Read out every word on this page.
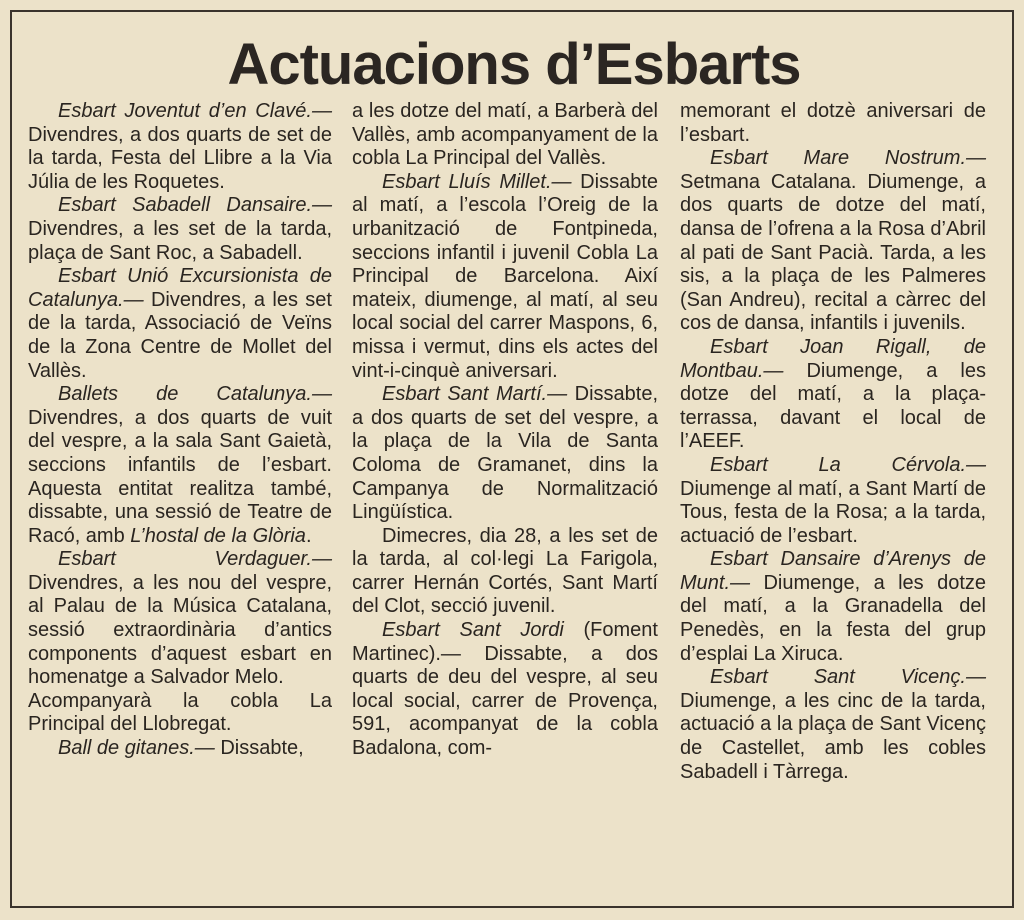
Actuacions d’Esbarts

Esbart Joventut d’en Clavé.— Divendres, a dos quarts de set de la tarda, Festa del Llibre a la Via Júlia de les Roquetes.

Esbart Sabadell Dansaire.— Divendres, a les set de la tarda, plaça de Sant Roc, a Sabadell.

Esbart Unió Excursionista de Catalunya.— Divendres, a les set de la tarda, Associació de Veïns de la Zona Centre de Mollet del Vallès.

Ballets de Catalunya.— Divendres, a dos quarts de vuit del vespre, a la sala Sant Gaietà, seccions infantils de l’esbart. Aquesta entitat realitza també, dissabte, una sessió de Teatre de Racó, amb L’hostal de la Glòria.

Esbart Verdaguer.— Divendres, a les nou del vespre, al Palau de la Música Catalana, sessió extraordinària d’antics components d’aquest esbart en homenatge a Salvador Melo.

Acompanyarà la cobla La Principal del Llobregat.

Ball de gitanes.— Dissabte,

a les dotze del matí, a Barberà del Vallès, amb acompanyament de la cobla La Principal del Vallès.

Esbart Lluís Millet.— Dissabte al matí, a l’escola l’Oreig de la urbanització de Fontpineda, seccions infantil i juvenil Cobla La Principal de Barcelona. Així mateix, diumenge, al matí, al seu local social del carrer Maspons, 6, missa i vermut, dins els actes del vint-i-cinquè aniversari.

Esbart Sant Martí.— Dissabte, a dos quarts de set del vespre, a la plaça de la Vila de Santa Coloma de Gramanet, dins la Campanya de Normalització Lingüística.

Dimecres, dia 28, a les set de la tarda, al col·legi La Farigola, carrer Hernán Cortés, Sant Martí del Clot, secció juvenil.

Esbart Sant Jordi (Foment Martinec).— Dissabte, a dos quarts de deu del vespre, al seu local social, carrer de Provença, 591, acompanyat de la cobla Badalona, com-

memorant el dotzè aniversari de l’esbart.

Esbart Mare Nostrum.— Setmana Catalana. Diumenge, a dos quarts de dotze del matí, dansa de l’ofrena a la Rosa d’Abril al pati de Sant Pacià. Tarda, a les sis, a la plaça de les Palmeres (San Andreu), recital a càrrec del cos de dansa, infantils i juvenils.

Esbart Joan Rigall, de Montbau.— Diumenge, a les dotze del matí, a la plaça-terrassa, davant el local de l’AEEF.

Esbart La Cérvola.— Diumenge al matí, a Sant Martí de Tous, festa de la Rosa; a la tarda, actuació de l’esbart.

Esbart Dansaire d’Arenys de Munt.— Diumenge, a les dotze del matí, a la Granadella del Penedès, en la festa del grup d’esplai La Xiruca.

Esbart Sant Vicenç.— Diumenge, a les cinc de la tarda, actuació a la plaça de Sant Vicenç de Castellet, amb les cobles Sabadell i Tàrrega.
